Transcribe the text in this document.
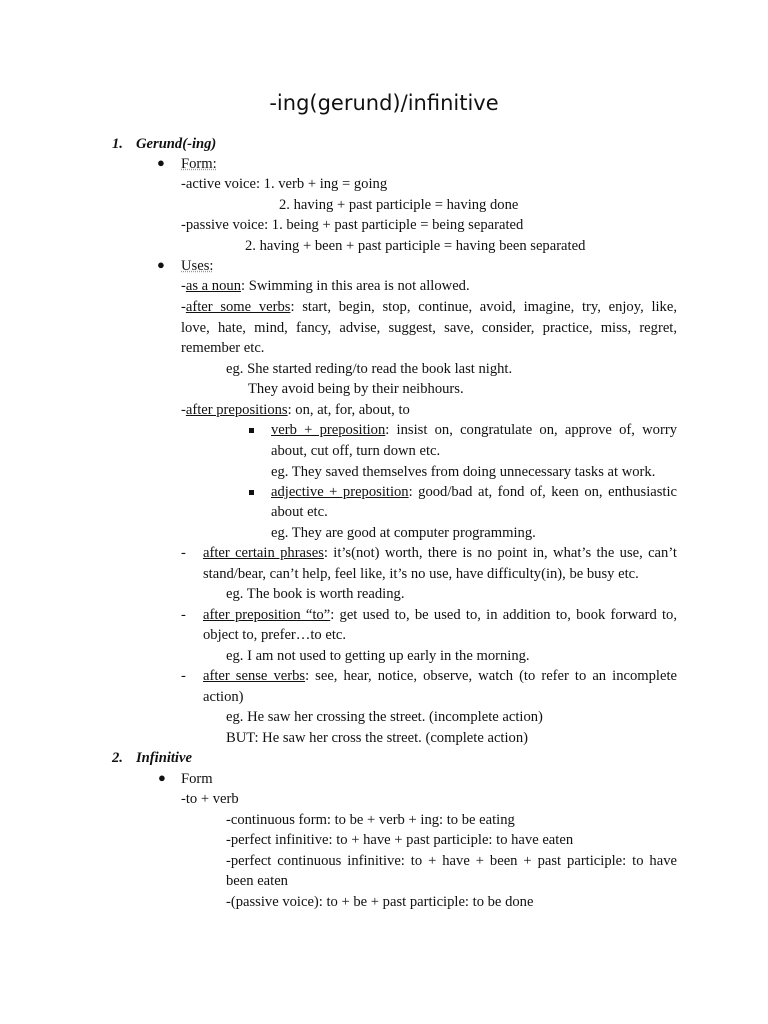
-ing(gerund)/infinitive
1. Gerund(-ing)
● Form:
-active voice: 1. verb + ing = going
2. having + past participle = having done
-passive voice: 1. being + past participle = being separated
2. having + been + past participle = having been separated
● Uses:
-as a noun: Swimming in this area is not allowed.
-after some verbs: start, begin, stop, continue, avoid, imagine, try, enjoy, like,
love, hate, mind, fancy, advise, suggest, save, consider, practice, miss, regret,
remember etc.
eg. She started reding/to read the book last night.
They avoid being by their neibhours.
-after prepositions: on, at, for, about, to
verb + preposition: insist on, congratulate on, approve of, worry
about, cut off, turn down etc.
eg. They saved themselves from doing unnecessary tasks at work.
adjective + preposition: good/bad at, fond of, keen on, enthusiastic
about etc.
eg. They are good at computer programming.
- after certain phrases: it’s(not) worth, there is no point in, what’s the use, can’t
stand/bear, can’t help, feel like, it’s no use, have difficulty(in), be busy etc.
eg. The book is worth reading.
- after preposition “to”: get used to, be used to, in addition to, book forward to,
object to, prefer…to etc.
eg. I am not used to getting up early in the morning.
- after sense verbs: see, hear, notice, observe, watch (to refer to an incomplete
action)
eg. He saw her crossing the street. (incomplete action)
BUT: He saw her cross the street. (complete action)
2. Infinitive
● Form
-to + verb
-continuous form: to be + verb + ing: to be eating
-perfect infinitive: to + have + past participle: to have eaten
-perfect continuous infinitive: to + have + been + past participle: to have
been eaten
-(passive voice): to + be + past participle: to be done
